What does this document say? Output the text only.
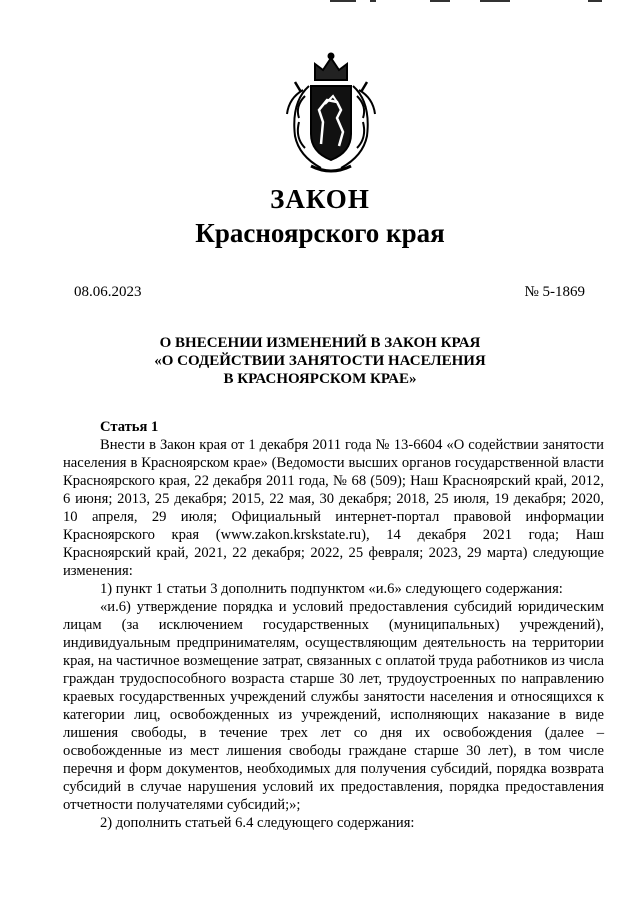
ЗАКОН
Красноярского края
08.06.2023	№ 5-1869
О ВНЕСЕНИИ ИЗМЕНЕНИЙ В ЗАКОН КРАЯ
«О СОДЕЙСТВИИ ЗАНЯТОСТИ НАСЕЛЕНИЯ
В КРАСНОЯРСКОМ КРАЕ»

Статья 1

Внести в Закон края от 1 декабря 2011 года № 13-6604 «О содействии занятости населения в Красноярском крае» (Ведомости высших органов государственной власти Красноярского края, 22 декабря 2011 года, № 68 (509); Наш Красноярский край, 2012, 6 июня; 2013, 25 декабря; 2015, 22 мая, 30 декабря; 2018, 25 июля, 19 декабря; 2020, 10 апреля, 29 июля; Официальный интернет-портал правовой информации Красноярского края (www.zakon.krskstate.ru), 14 декабря 2021 года; Наш Красноярский край, 2021, 22 декабря; 2022, 25 февраля; 2023, 29 марта) следующие изменения:

1) пункт 1 статьи 3 дополнить подпунктом «и.6» следующего содержания:

«и.6) утверждение порядка и условий предоставления субсидий юридическим лицам (за исключением государственных (муниципальных) учреждений), индивидуальным предпринимателям, осуществляющим деятельность на территории края, на частичное возмещение затрат, связанных с оплатой труда работников из числа граждан трудоспособного возраста старше 30 лет, трудоустроенных по направлению краевых государственных учреждений службы занятости населения и относящихся к категории лиц, освобожденных из учреждений, исполняющих наказание в виде лишения свободы, в течение трех лет со дня их освобождения (далее – освобожденные из мест лишения свободы граждане старше 30 лет), в том числе перечня и форм документов, необходимых для получения субсидий, порядка возврата субсидий в случае нарушения условий их предоставления, порядка предоставления отчетности получателями субсидий;»;

2) дополнить статьей 6.4 следующего содержания:
